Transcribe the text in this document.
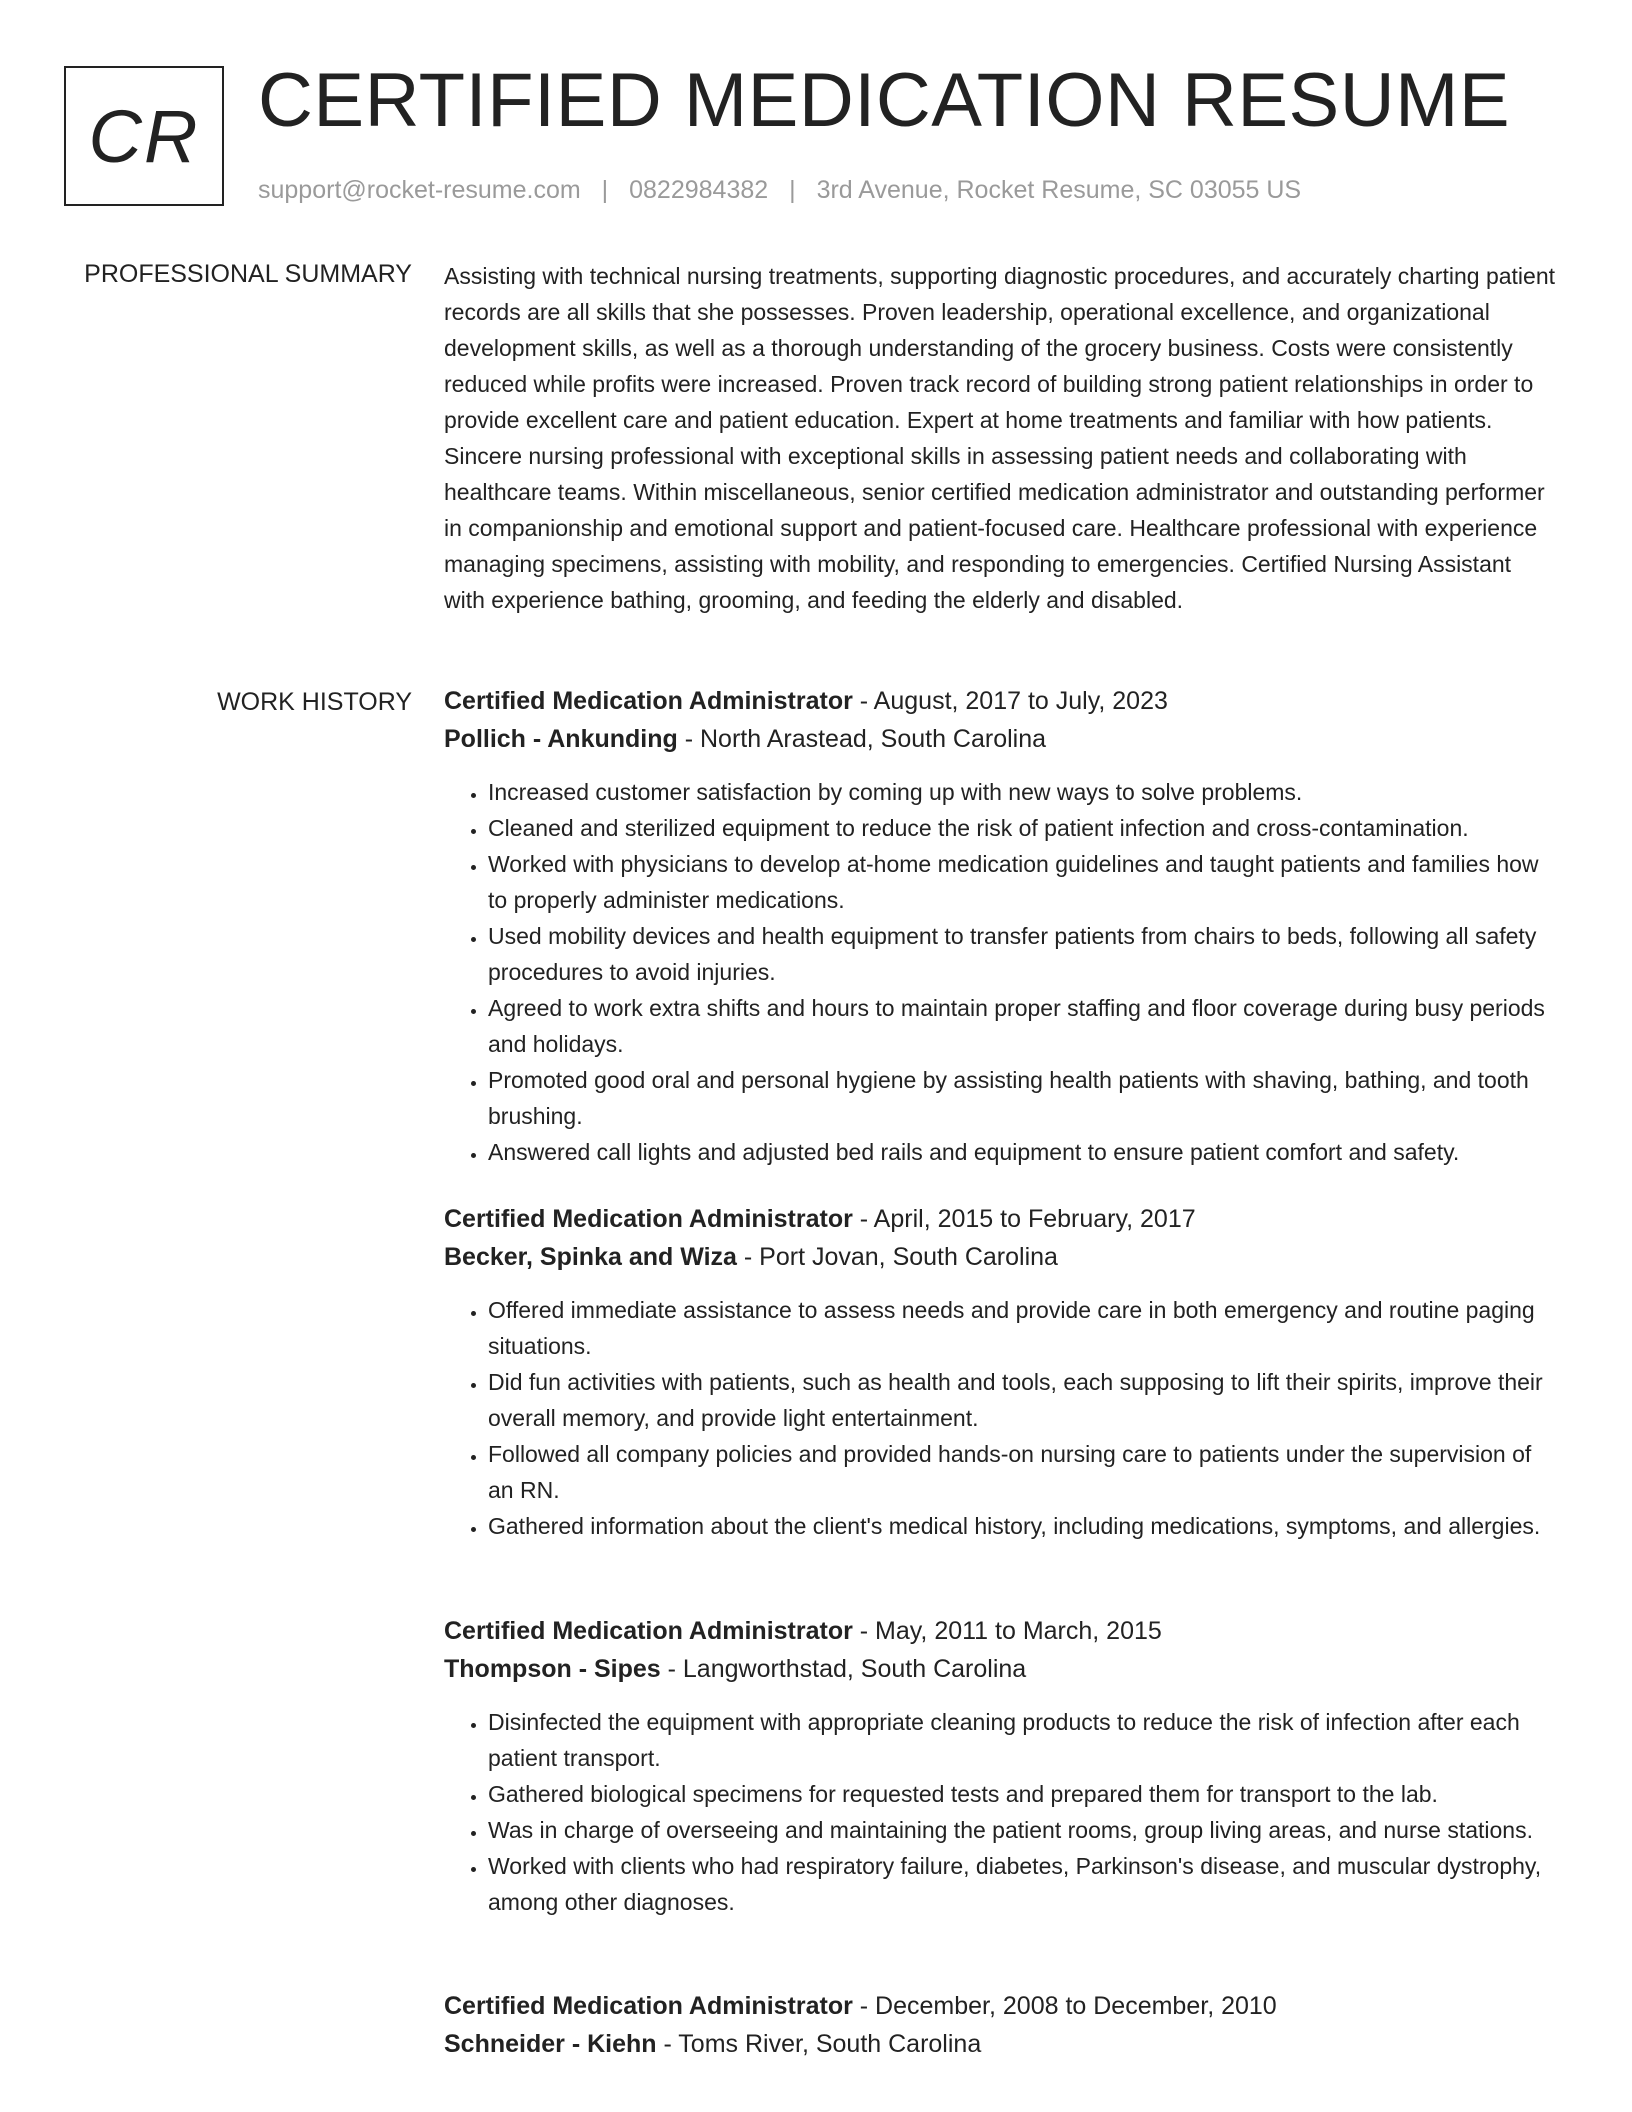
CR CERTIFIED MEDICATION RESUME
support@rocket-resume.com | 0822984382 | 3rd Avenue, Rocket Resume, SC 03055 US
PROFESSIONAL SUMMARY Assisting with technical nursing treatments, supporting diagnostic procedures, and accurately charting patient records are all skills that she possesses. Proven leadership, operational excellence, and organizational development skills, as well as a thorough understanding of the grocery business. Costs were consistently reduced while profits were increased. Proven track record of building strong patient relationships in order to provide excellent care and patient education. Expert at home treatments and familiar with how patients. Sincere nursing professional with exceptional skills in assessing patient needs and collaborating with healthcare teams. Within miscellaneous, senior certified medication administrator and outstanding performer in companionship and emotional support and patient-focused care. Healthcare professional with experience managing specimens, assisting with mobility, and responding to emergencies. Certified Nursing Assistant with experience bathing, grooming, and feeding the elderly and disabled.
WORK HISTORY Certified Medication Administrator - August, 2017 to July, 2023
Pollich - Ankunding - North Arastead, South Carolina
• Increased customer satisfaction by coming up with new ways to solve problems.
• Cleaned and sterilized equipment to reduce the risk of patient infection and cross-contamination.
• Worked with physicians to develop at-home medication guidelines and taught patients and families how to properly administer medications.
• Used mobility devices and health equipment to transfer patients from chairs to beds, following all safety procedures to avoid injuries.
• Agreed to work extra shifts and hours to maintain proper staffing and floor coverage during busy periods and holidays.
• Promoted good oral and personal hygiene by assisting health patients with shaving, bathing, and tooth brushing.
• Answered call lights and adjusted bed rails and equipment to ensure patient comfort and safety.
Certified Medication Administrator - April, 2015 to February, 2017
Becker, Spinka and Wiza - Port Jovan, South Carolina
• Offered immediate assistance to assess needs and provide care in both emergency and routine paging situations.
• Did fun activities with patients, such as health and tools, each supposing to lift their spirits, improve their overall memory, and provide light entertainment.
• Followed all company policies and provided hands-on nursing care to patients under the supervision of an RN.
• Gathered information about the client's medical history, including medications, symptoms, and allergies.
Certified Medication Administrator - May, 2011 to March, 2015
Thompson - Sipes - Langworthstad, South Carolina
• Disinfected the equipment with appropriate cleaning products to reduce the risk of infection after each patient transport.
• Gathered biological specimens for requested tests and prepared them for transport to the lab.
• Was in charge of overseeing and maintaining the patient rooms, group living areas, and nurse stations.
• Worked with clients who had respiratory failure, diabetes, Parkinson's disease, and muscular dystrophy, among other diagnoses.
Certified Medication Administrator - December, 2008 to December, 2010
Schneider - Kiehn - Toms River, South Carolina
